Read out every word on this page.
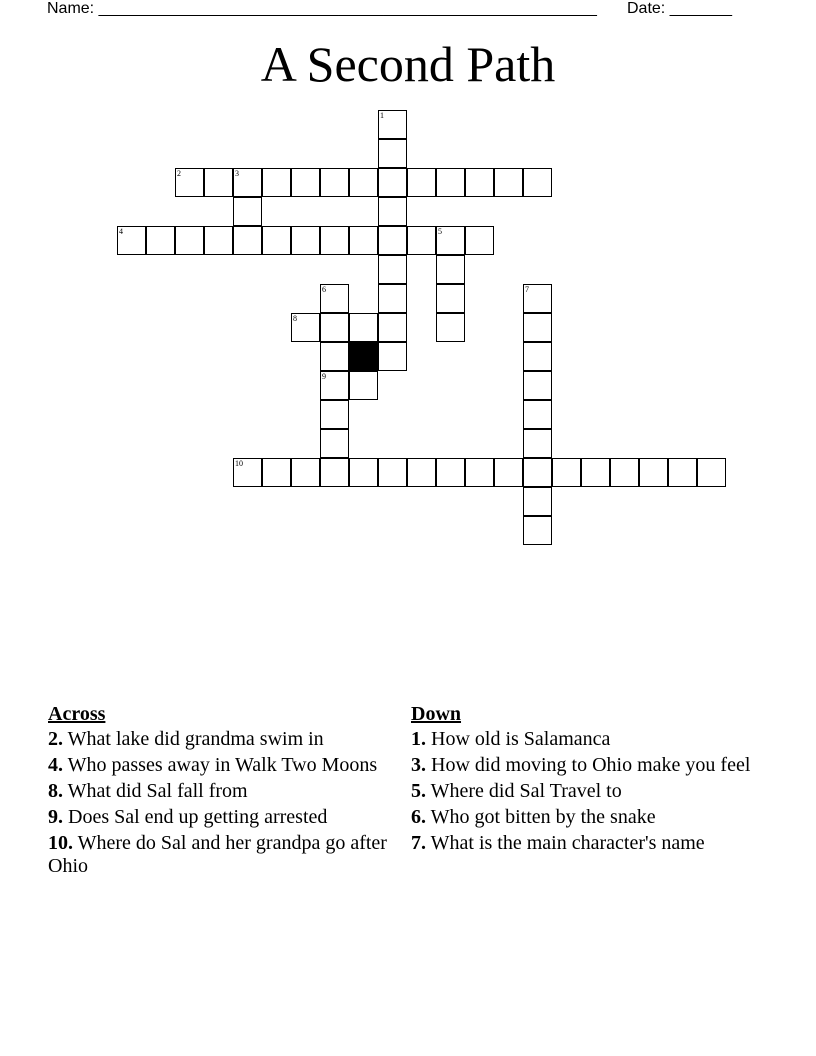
Name: ________________________________________________________ Date: _______
A Second Path
1
2	3
4	5
6
9
7
8
10
Across
2. What lake did grandma swim in
4. Who passes away in Walk Two Moons
8. What did Sal fall from
9. Does Sal end up getting arrested
10. Where do Sal and her grandpa go after Ohio
Down
1. How old is Salamanca
3. How did moving to Ohio make you feel
5. Where did Sal Travel to
6. Who got bitten by the snake
7. What is the main character's name
